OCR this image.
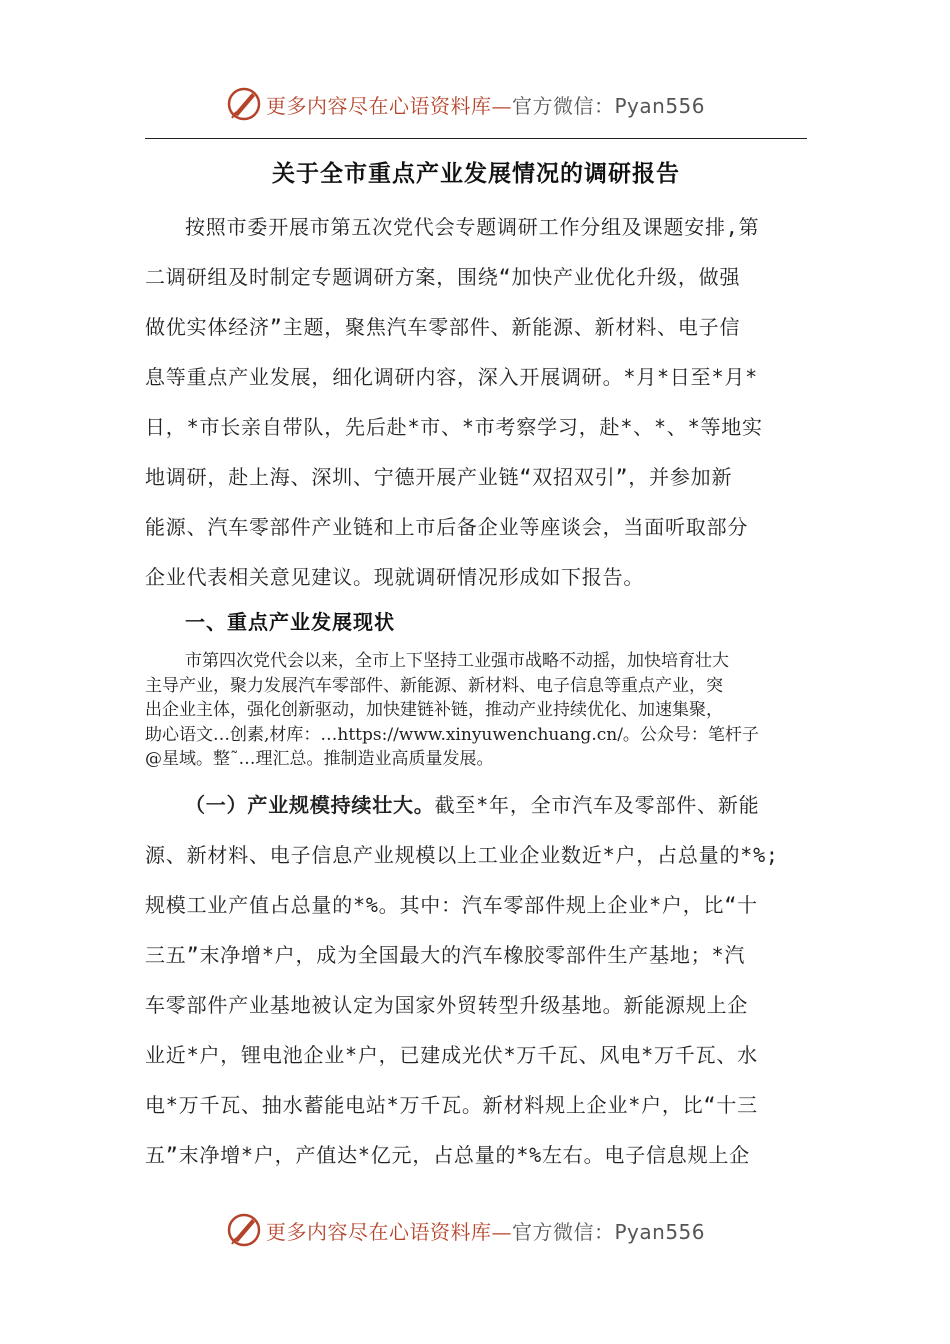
更多内容尽在心语资料库—官方微信：Pyan556
关于全市重点产业发展情况的调研报告
按照市委开展市第五次党代会专题调研工作分组及课题安排,第
二调研组及时制定专题调研方案，围绕“加快产业优化升级，做强
做优实体经济”主题，聚焦汽车零部件、新能源、新材料、电子信
息等重点产业发展，细化调研内容，深入开展调研。*月*日至*月*
日，*市长亲自带队，先后赴*市、*市考察学习，赴*、*、*等地实
地调研，赴上海、深圳、宁德开展产业链“双招双引”，并参加新
能源、汽车零部件产业链和上市后备企业等座谈会，当面听取部分
企业代表相关意见建议。现就调研情况形成如下报告。
一、重点产业发展现状
市第四次党代会以来，全市上下坚持工业强市战略不动摇，加快培育壮大
主导产业，聚力发展汽车零部件、新能源、新材料、电子信息等重点产业，突
出企业主体，强化创新驱动，加快建链补链，推动产业持续优化、加速集聚，
助心语文…创素,材库：…https://www.xinyuwenchuang.cn/。公众号：笔杆子
@星域。整˜…理汇总。推制造业高质量发展。
（一）产业规模持续壮大。截至*年，全市汽车及零部件、新能
源、新材料、电子信息产业规模以上工业企业数近*户，占总量的*%;
规模工业产值占总量的*%。其中：汽车零部件规上企业*户，比“十
三五”末净增*户，成为全国最大的汽车橡胶零部件生产基地；*汽
车零部件产业基地被认定为国家外贸转型升级基地。新能源规上企
业近*户，锂电池企业*户，已建成光伏*万千瓦、风电*万千瓦、水
电*万千瓦、抽水蓄能电站*万千瓦。新材料规上企业*户，比“十三
五”末净增*户，产值达*亿元，占总量的*%左右。电子信息规上企
更多内容尽在心语资料库—官方微信：Pyan556
